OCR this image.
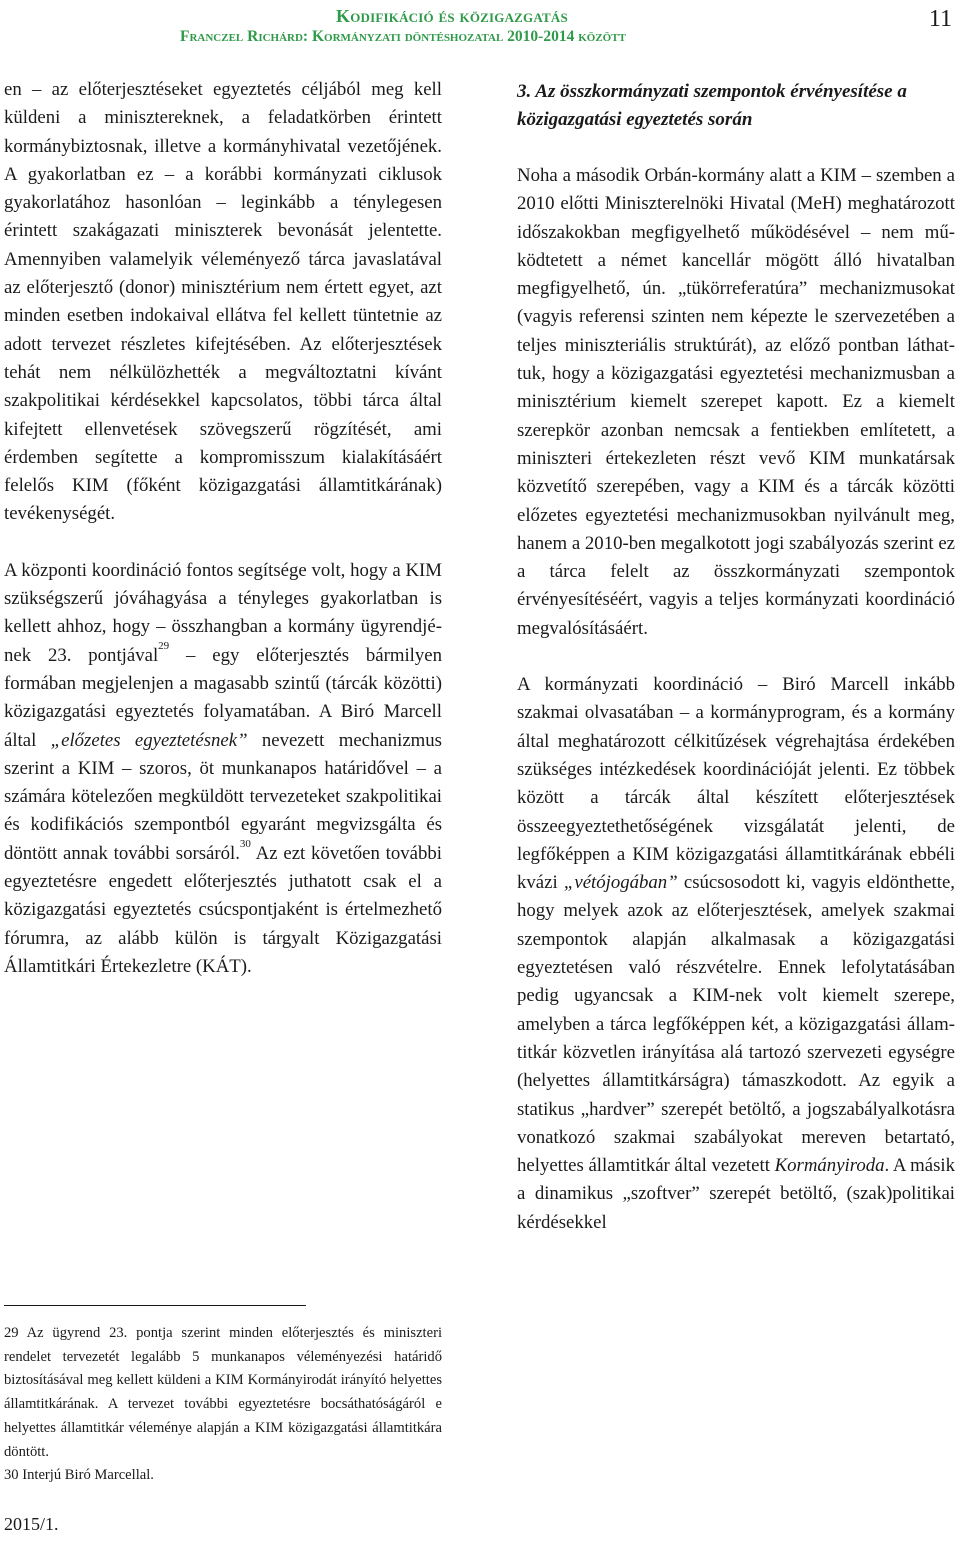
Kodifikáció és közigazgatás
Franczel Richárd: Kormányzati döntéshozatal 2010-2014 között
11

en – az előterjesztéseket egyeztetés céljából meg kell küldeni a minisztereknek, a feladatkörben érintett kormánybiztosnak, illetve a kormányhivatal vezetőjének. A gyakorlatban ez – a korábbi kormányzati ciklusok gyakorlatához hasonlóan – leginkább a ténylegesen érintett szakágazati miniszterek bevonását jelentette. Amennyiben valamelyik véleményező tárca javaslatával az előterjesztő (donor) minisztérium nem értett egyet, azt minden esetben indokaival ellátva fel kellett tüntetnie az adott tervezet részletes kifejtésében. Az előterjesztések tehát nem nélkülözhették a megváltoztatni kívánt szakpolitikai kérdésekkel kapcsolatos, többi tárca által kifejtett ellenvetések szövegszerű rögzítését, ami érdemben segítette a kompromisszum kialakításáért felelős KIM (főként közigazgatási államtitkárának) tevékenységét.

A központi koordináció fontos segítsége volt, hogy a KIM szükségszerű jóváhagyása a tényleges gyakorlatban is kellett ahhoz, hogy – összhangban a kormány ügyrendjének 23. pontjával$^{29}$ – egy előterjesztés bármilyen formában megjelenjen a magasabb szintű (tárcák közötti) közigazgatási egyeztetés folyamatában. A Biró Marcell által „előzetes egyeztetésnek” nevezett mechanizmus szerint a KIM – szoros, öt munkanapos határidővel – a számára kötelezően megküldött tervezeteket szakpolitikai és kodifikációs szempontból egyaránt megvizsgálta és döntött annak további sorsáról.$^{30}$ Az ezt követően további egyeztetésre engedett előterjesztés juthatott csak el a közigazgatási egyeztetés csúcspontjaként is értelmezhető fórumra, az alább külön is tárgyalt Közigazgatási Államtitkári Értekezletre (KÁT).

29 Az ügyrend 23. pontja szerint minden előterjesztés és miniszteri rendelet tervezetét legalább 5 munkanapos véleményezési határidő biztosításával meg kellett küldeni a KIM Kormányirodát irányító helyettes államtitkárának. A tervezet további egyeztetésre bocsáthatóságáról e helyettes államtitkár véleménye alapján a KIM közigazgatási államtitkára döntött.

30 Interjú Biró Marcellal.

2015/1.
3. Az összkormányzati szempontok érvényesítése a közigazgatási egyeztetés során

Noha a második Orbán-kormány alatt a KIM – szemben a 2010 előtti Miniszterelnöki Hivatal (MeH) meghatározott időszakokban megfigyelhető működésével – nem működtetett a német kancellár mögött álló hivatalban megfigyelhető, ún. „tükörreferatúra” mechanizmusokat (vagyis referensi szinten nem képezte le szervezetében a teljes miniszteriális struktúrát), az előző pontban láthattuk, hogy a közigazgatási egyeztetési mechanizmusban a minisztérium kiemelt szerepet kapott. Ez a kiemelt szerepkör azonban nemcsak a fentiekben említetett, a miniszteri értekezleten részt vevő KIM munkatársak közvetítő szerepében, vagy a KIM és a tárcák közötti előzetes egyeztetési mechanizmusokban nyilvánult meg, hanem a 2010-ben megalkotott jogi szabályozás szerint ez a tárca felelt az összkormányzati szempontok érvényesítéséért, vagyis a teljes kormányzati koordináció megvalósításáért.

A kormányzati koordináció – Biró Marcell inkább szakmai olvasatában – a kormányprogram, és a kormány által meghatározott célkitűzések végrehajtása érdekében szükséges intézkedések koordinációját jelenti. Ez többek között a tárcák által készített előterjesztések összeegyeztethetőségének vizsgálatát jelenti, de legfőképpen a KIM közigazgatási államtitkárának ebbéli kvázi „vétójogában” csúcsosodott ki, vagyis eldönthette, hogy melyek azok az előterjesztések, amelyek szakmai szempontok alapján alkalmasak a közigazgatási egyeztetésen való részvételre. Ennek lefolytatásában pedig ugyancsak a KIM-nek volt kiemelt szerepe, amelyben a tárca legfőképpen két, a közigazgatási államtitkár közvetlen irányítása alá tartozó szervezeti egységre (helyettes államtitkárságra) támaszkodott. Az egyik a statikus „hardver” szerepét betöltő, a jogszabályalkotásra vonatkozó szakmai szabályokat mereven betartató, helyettes államtitkár által vezetett Kormányiroda. A másik a dinamikus „szoftver” szerepét betöltő, (szak)politikai kérdésekkel
